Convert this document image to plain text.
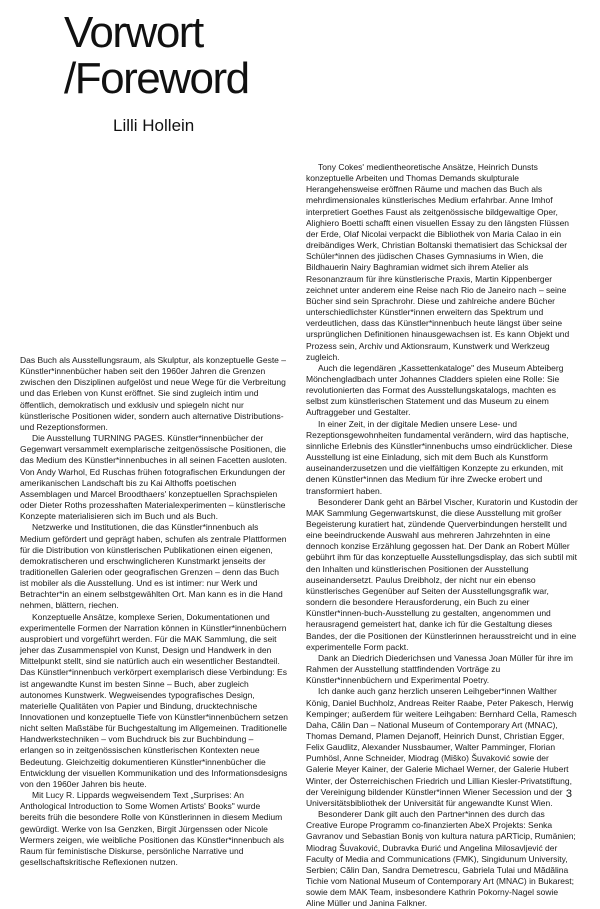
Vorwort
/Foreword
Lilli Hollein

Das Buch als Ausstellungsraum, als Skulptur, als konzeptuelle Geste – Künstler*innenbücher haben seit den 1960er Jahren die Grenzen zwischen den Disziplinen aufgelöst und neue Wege für die Verbreitung und das Erleben von Kunst eröffnet. Sie sind zugleich intim und öffentlich, demokratisch und exklusiv und spiegeln nicht nur künstlerische Positionen wider, sondern auch alternative Distributions- und Rezeptionsformen.

Die Ausstellung TURNING PAGES. Künstler*innenbücher der Gegenwart versammelt exemplarische zeitgenössische Positionen, die das Medium des Künstler*innenbuches in all seinen Facetten ausloten. Von Andy Warhol, Ed Ruschas frühen fotografischen Erkundungen der amerikanischen Landschaft bis zu Kai Althoffs poetischen Assemblagen und Marcel Broodthaers' konzeptuellen Sprachspielen oder Dieter Roths prozesshaften Materialexperimenten – künstlerische Konzepte materialisieren sich im Buch und als Buch.

Netzwerke und Institutionen, die das Künstler*innenbuch als Medium gefördert und geprägt haben, schufen als zentrale Plattformen für die Distribution von künstlerischen Publikationen einen eigenen, demokratischeren und erschwinglicheren Kunstmarkt jenseits der traditionellen Galerien oder geografischen Grenzen – denn das Buch ist mobiler als die Ausstellung. Und es ist intimer: nur Werk und Betrachter*in an einem selbstgewählten Ort. Man kann es in die Hand nehmen, blättern, riechen.

Konzeptuelle Ansätze, komplexe Serien, Dokumentationen und experimentelle Formen der Narration können in Künstler*innenbüchern ausprobiert und vorgeführt werden. Für die MAK Sammlung, die seit jeher das Zusammenspiel von Kunst, Design und Handwerk in den Mittelpunkt stellt, sind sie natürlich auch ein wesentlicher Bestandteil. Das Künstler*innenbuch verkörpert exemplarisch diese Verbindung: Es ist angewandte Kunst im besten Sinne – Buch, aber zugleich autonomes Kunstwerk. Wegweisendes typografisches Design, materielle Qualitäten von Papier und Bindung, drucktechnische Innovationen und konzeptuelle Tiefe von Künstler*innenbüchern setzen nicht selten Maßstäbe für Buchgestaltung im Allgemeinen. Traditionelle Handwerkstechniken – vom Buchdruck bis zur Buchbindung – erlangen so in zeitgenössischen künstlerischen Kontexten neue Bedeutung. Gleichzeitig dokumentieren Künstler*innenbücher die Entwicklung der visuellen Kommunikation und des Informationsdesigns von den 1960er Jahren bis heute.

Mit Lucy R. Lippards wegweisendem Text „Surprises: An Anthological Introduction to Some Women Artists' Books" wurde bereits früh die besondere Rolle von Künstlerinnen in diesem Medium gewürdigt. Werke von Isa Genzken, Birgit Jürgenssen oder Nicole Wermers zeigen, wie weibliche Positionen das Künstler*innenbuch als Raum für feministische Diskurse, persönliche Narrative und gesellschaftskritische Reflexionen nutzen.

Tony Cokes' medientheoretische Ansätze, Heinrich Dunsts konzeptuelle Arbeiten und Thomas Demands skulpturale Herangehensweise eröffnen Räume und machen das Buch als mehrdimensionales künstlerisches Medium erfahrbar. Anne Imhof interpretiert Goethes Faust als zeitgenössische bildgewaltige Oper, Alighiero Boetti schafft einen visuellen Essay zu den längsten Flüssen der Erde, Olaf Nicolai verpackt die Bibliothek von Maria Calao in ein dreibändiges Werk, Christian Boltanski thematisiert das Schicksal der Schüler*innen des jüdischen Chases Gymnasiums in Wien, die Bildhauerin Nairy Baghramian widmet sich ihrem Atelier als Resonanzraum für ihre künstlerische Praxis, Martin Kippenberger zeichnet unter anderem eine Reise nach Rio de Janeiro nach – seine Bücher sind sein Sprachrohr. Diese und zahlreiche andere Bücher unterschiedlichster Künstler*innen erweitern das Spektrum und verdeutlichen, dass das Künstler*innenbuch heute längst über seine ursprünglichen Definitionen hinausgewachsen ist. Es kann Objekt und Prozess sein, Archiv und Aktionsraum, Kunstwerk und Werkzeug zugleich.

Auch die legendären „Kassettenkataloge" des Museum Abteiberg Mönchengladbach unter Johannes Cladders spielen eine Rolle: Sie revolutionierten das Format des Ausstellungskatalogs, machten es selbst zum künstlerischen Statement und das Museum zu einem Auftraggeber und Gestalter.

In einer Zeit, in der digitale Medien unsere Lese- und Rezeptionsgewohnheiten fundamental verändern, wird das haptische, sinnliche Erlebnis des Künstler*innenbuchs umso eindrücklicher. Diese Ausstellung ist eine Einladung, sich mit dem Buch als Kunstform auseinanderzusetzen und die vielfältigen Konzepte zu erkunden, mit denen Künstler*innen das Medium für ihre Zwecke erobert und transformiert haben.

Besonderer Dank geht an Bärbel Vischer, Kuratorin und Kustodin der MAK Sammlung Gegenwartskunst, die diese Ausstellung mit großer Begeisterung kuratiert hat, zündende Querverbindungen herstellt und eine beeindruckende Auswahl aus mehreren Jahrzehnten in eine dennoch konzise Erzählung gegossen hat. Der Dank an Robert Müller gebührt ihm für das konzeptuelle Ausstellungsdisplay, das sich subtil mit den Inhalten und künstlerischen Positionen der Ausstellung auseinandersetzt. Paulus Dreibholz, der nicht nur ein ebenso künstlerisches Gegenüber auf Seiten der Ausstellungsgrafik war, sondern die besondere Herausforderung, ein Buch zu einer Künstler*innen-buch-Ausstellung zu gestalten, angenommen und herausragend gemeistert hat, danke ich für die Gestaltung dieses Bandes, der die Positionen der Künstlerinnen herausstreicht und in eine experimentelle Form packt.

Dank an Diedrich Diederichsen und Vanessa Joan Müller für ihre im Rahmen der Ausstellung stattfindenden Vorträge zu Künstler*innenbüchern und Experimental Poetry.

Ich danke auch ganz herzlich unseren Leihgeber*innen Walther König, Daniel Buchholz, Andreas Reiter Raabe, Peter Pakesch, Herwig Kempinger; außerdem für weitere Leihgaben: Bernhard Cella, Ramesch Daha, Călin Dan – National Museum of Contemporary Art (MNAC), Thomas Demand, Plamen Dejanoff, Heinrich Dunst, Christian Egger, Felix Gaudlitz, Alexander Nussbaumer, Walter Pamminger, Florian Pumhösl, Anne Schneider, Miodrag (Miško) Šuvaković sowie der Galerie Meyer Kainer, der Galerie Michael Werner, der Galerie Hubert Winter, der Österreichischen Friedrich und Lillian Kiesler-Privatstiftung, der Vereinigung bildender Künstler*innen Wiener Secession und der Universitätsbibliothek der Universität für angewandte Kunst Wien.

Besonderer Dank gilt auch den Partner*innen des durch das Creative Europe Programm co-finanzierten AbeX Projekts: Senka Gavranov und Sebastian Boniş von kultura natura pARTicip, Rumänien; Miodrag Šuvaković, Dubravka Đurić und Angelina Milosavljević der Faculty of Media and Communications (FMK), Singidunum University, Serbien; Călin Dan, Sandra Demetrescu, Gabriela Tulai und Mădălina Tichie vom National Museum of Contemporary Art (MNAC) in Bukarest; sowie dem MAK Team, insbesondere Kathrin Pokorny-Nagel sowie Aline Müller und Janina Falkner.

3
